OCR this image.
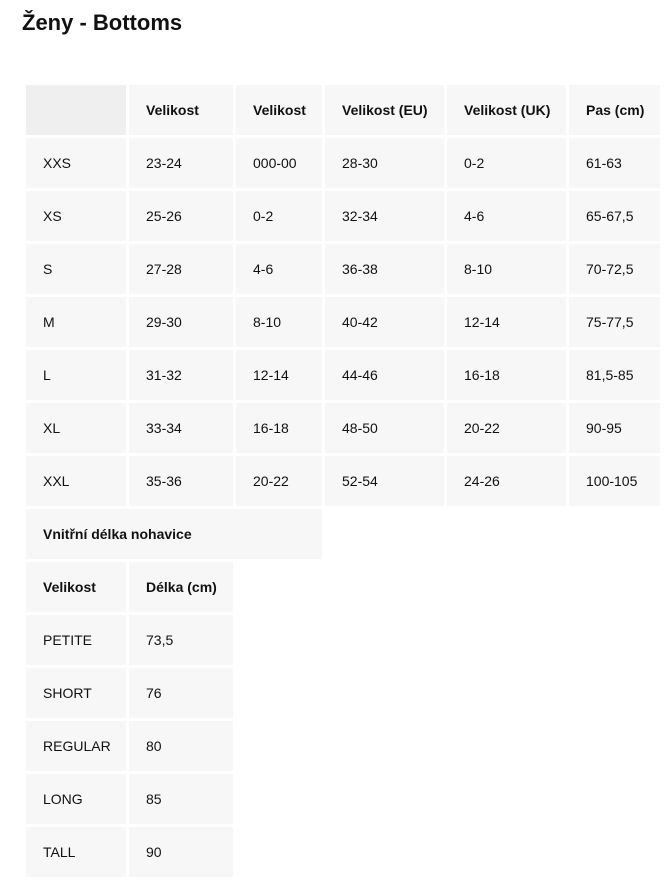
Ženy - Bottoms
	Velikost	Velikost	Velikost (EU)	Velikost (UK)	Pas (cm)
XXS	23-24	000-00	28-30	0-2	61-63
XS	25-26	0-2	32-34	4-6	65-67,5
S	27-28	4-6	36-38	8-10	70-72,5
M	29-30	8-10	40-42	12-14	75-77,5
L	31-32	12-14	44-46	16-18	81,5-85
XL	33-34	16-18	48-50	20-22	90-95
XXL	35-36	20-22	52-54	24-26	100-105
Vnitřní délka nohavice					
Velikost	Délka (cm)				
PETITE	73,5				
SHORT	76				
REGULAR	80				
LONG	85				
TALL	90				
